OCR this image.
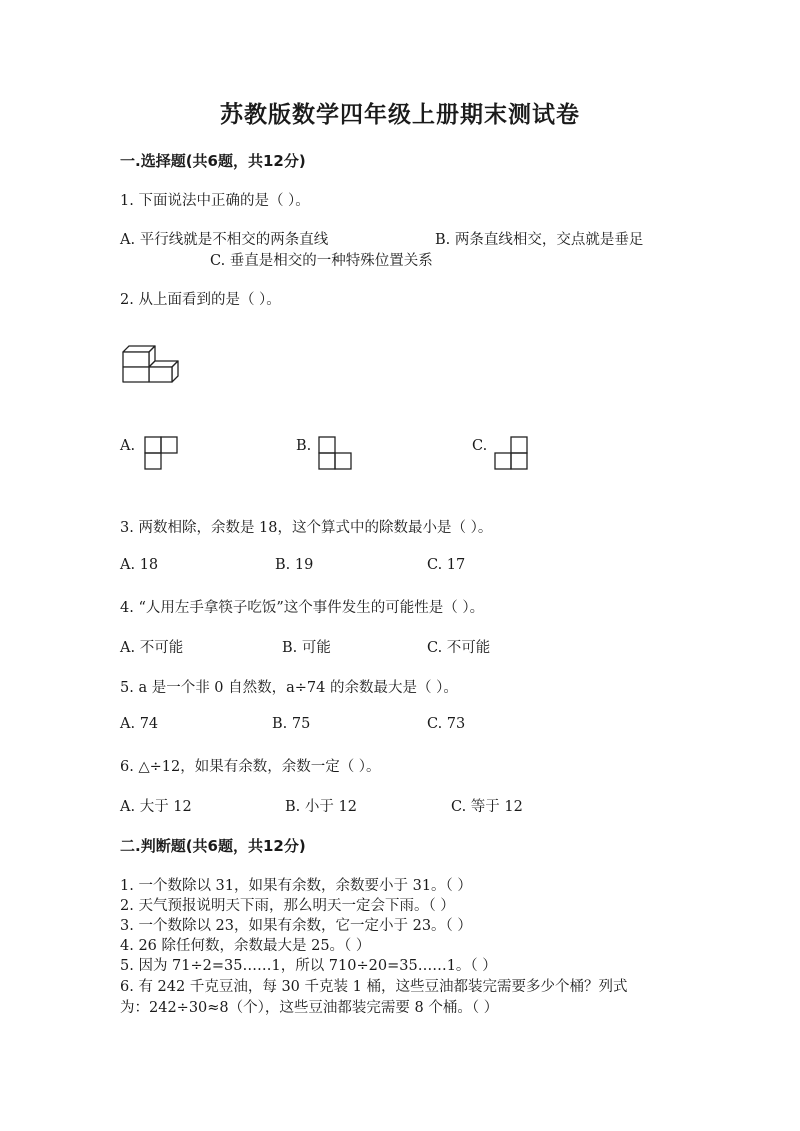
苏教版数学四年级上册期末测试卷
一.选择题(共6题，共12分)
1. 下面说法中正确的是（ ）。
A. 平行线就是不相交的两条直线	B. 两条直线相交，交点就是垂足
C. 垂直是相交的一种特殊位置关系
2. 从上面看到的是（ ）。
A.	B.	C.
3. 两数相除，余数是 18，这个算式中的除数最小是（ ）。
A. 18	B. 19	C. 17
4. “人用左手拿筷子吃饭”这个事件发生的可能性是（ ）。
A. 不可能	B. 可能	C. 不可能
5. a 是一个非 0 自然数，a÷74 的余数最大是（ ）。
A. 74	B. 75	C. 73
6. △÷12，如果有余数，余数一定（ ）。
A. 大于 12	B. 小于 12	C. 等于 12
二.判断题(共6题，共12分)
1. 一个数除以 31，如果有余数，余数要小于 31。（ ）
2. 天气预报说明天下雨，那么明天一定会下雨。（ ）
3. 一个数除以 23，如果有余数，它一定小于 23。（ ）
4. 26 除任何数，余数最大是 25。（ ）
5. 因为 71÷2=35……1，所以 710÷20=35……1。（ ）
6. 有 242 千克豆油，每 30 千克装 1 桶，这些豆油都装完需要多少个桶？列式
为：242÷30≈8（个），这些豆油都装完需要 8 个桶。（ ）
